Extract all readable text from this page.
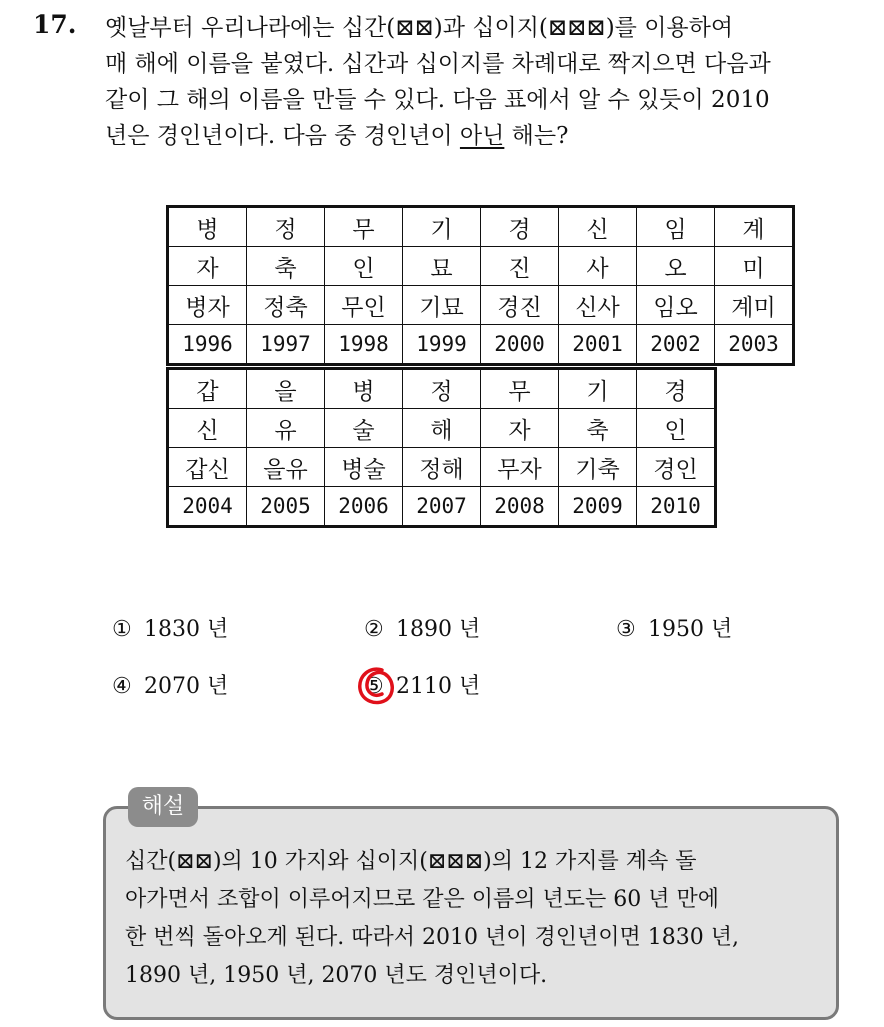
17. 옛날부터 우리나라에는 십간(⊠⊠)과 십이지(⊠⊠⊠)를 이용하여
매 해에 이름을 붙였다. 십간과 십이지를 차례대로 짝지으면 다음과
같이 그 해의 이름을 만들 수 있다. 다음 표에서 알 수 있듯이 2010
년은 경인년이다. 다음 중 경인년이 아닌 해는?
병	정	무	기	경	신	임	계
자	축	인	묘	진	사	오	미
병자	정축	무인	기묘	경진	신사	임오	계미
1996	1997	1998	1999	2000	2001	2002	2003
갑	을	병	정	무	기	경
신	유	술	해	자	축	인
갑신	을유	병술	정해	무자	기축	경인
2004	2005	2006	2007	2008	2009	2010
① 1830 년	② 1890 년	③ 1950 년
④ 2070 년	⑤ 2110 년
해설
십간(⊠⊠)의 10 가지와 십이지(⊠⊠⊠)의 12 가지를 계속 돌
아가면서 조합이 이루어지므로 같은 이름의 년도는 60 년 만에
한 번씩 돌아오게 된다. 따라서 2010 년이 경인년이면 1830 년,
1890 년, 1950 년, 2070 년도 경인년이다.
